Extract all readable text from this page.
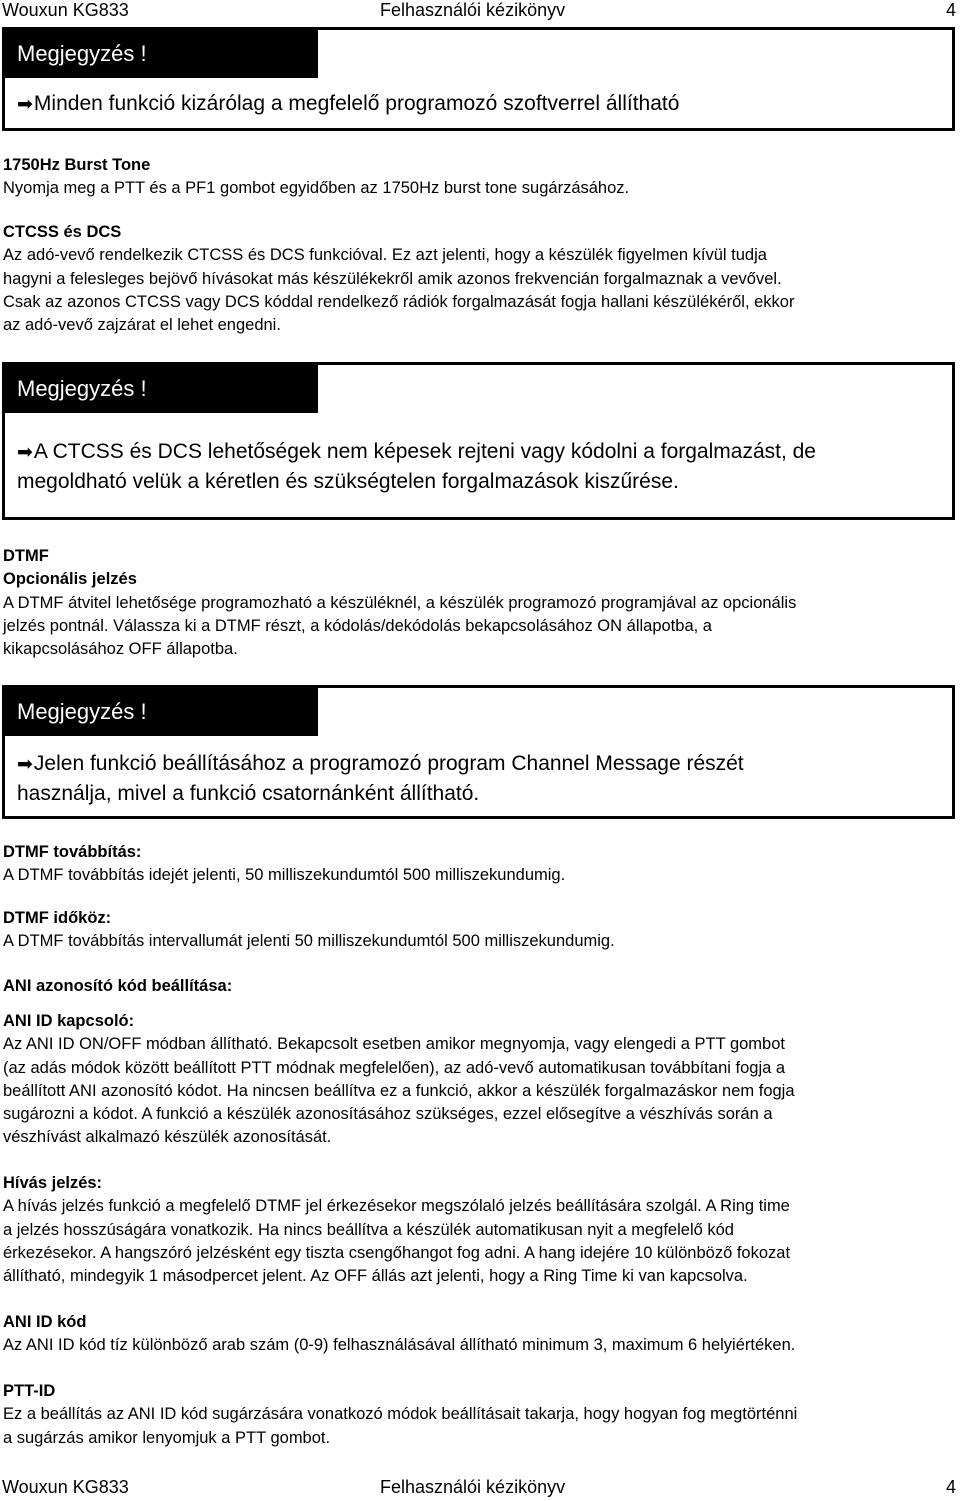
Wouxun KG833	Felhasználói kézikönyv	4
Megjegyzés !

➡Minden funkció kizárólag a megfelelő programozó szoftverrel állítható

1750Hz Burst Tone

Nyomja meg a PTT és a PF1 gombot egyidőben az 1750Hz burst tone sugárzásához.

CTCSS és DCS

Az adó-vevő rendelkezik CTCSS és DCS funkcióval. Ez azt jelenti, hogy a készülék figyelmen kívül tudja

hagyni a felesleges bejövő hívásokat más készülékekről amik azonos frekvencián forgalmaznak a vevővel.

Csak az azonos CTCSS vagy DCS kóddal rendelkező rádiók forgalmazását fogja hallani készülékéről, ekkor

az adó-vevő zajzárat el lehet engedni.

Megjegyzés !

➡A CTCSS és DCS lehetőségek nem képesek rejteni vagy kódolni a forgalmazást, de

megoldható velük a kéretlen és szükségtelen forgalmazások kiszűrése.

DTMF

Opcionális jelzés

A DTMF átvitel lehetősége programozható a készüléknél, a készülék programozó programjával az opcionális

jelzés pontnál. Válassza ki a DTMF részt, a kódolás/dekódolás bekapcsolásához ON állapotba, a

kikapcsolásához OFF állapotba.

Megjegyzés !

➡Jelen funkció beállításához a programozó program Channel Message részét

használja, mivel a funkció csatornánként állítható.

DTMF továbbítás:

A DTMF továbbítás idejét jelenti, 50 milliszekundumtól 500 milliszekundumig.

DTMF időköz:

A DTMF továbbítás intervallumát jelenti 50 milliszekundumtól 500 milliszekundumig.

ANI azonosító kód beállítása:

ANI ID kapcsoló:

Az ANI ID ON/OFF módban állítható. Bekapcsolt esetben amikor megnyomja, vagy elengedi a PTT gombot

(az adás módok között beállított PTT módnak megfelelően), az adó-vevő automatikusan továbbítani fogja a

beállított ANI azonosító kódot. Ha nincsen beállítva ez a funkció, akkor a készülék forgalmazáskor nem fogja

sugározni a kódot. A funkció a készülék azonosításához szükséges, ezzel elősegítve a vészhívás során a

vészhívást alkalmazó készülék azonosítását.

Hívás jelzés:

A hívás jelzés funkció a megfelelő DTMF jel érkezésekor megszólaló jelzés beállítására szolgál. A Ring time

a jelzés hosszúságára vonatkozik. Ha nincs beállítva a készülék automatikusan nyit a megfelelő kód

érkezésekor. A hangszóró jelzésként egy tiszta csengőhangot fog adni. A hang idejére 10 különböző fokozat

állítható, mindegyik 1 másodpercet jelent. Az OFF állás azt jelenti, hogy a Ring Time ki van kapcsolva.

ANI ID kód

Az ANI ID kód tíz különböző arab szám (0-9) felhasználásával állítható minimum 3, maximum 6 helyiértéken.

PTT-ID

Ez a beállítás az ANI ID kód sugárzására vonatkozó módok beállításait takarja, hogy hogyan fog megtörténni

a sugárzás amikor lenyomjuk a PTT gombot.

Wouxun KG833	Felhasználói kézikönyv	4
